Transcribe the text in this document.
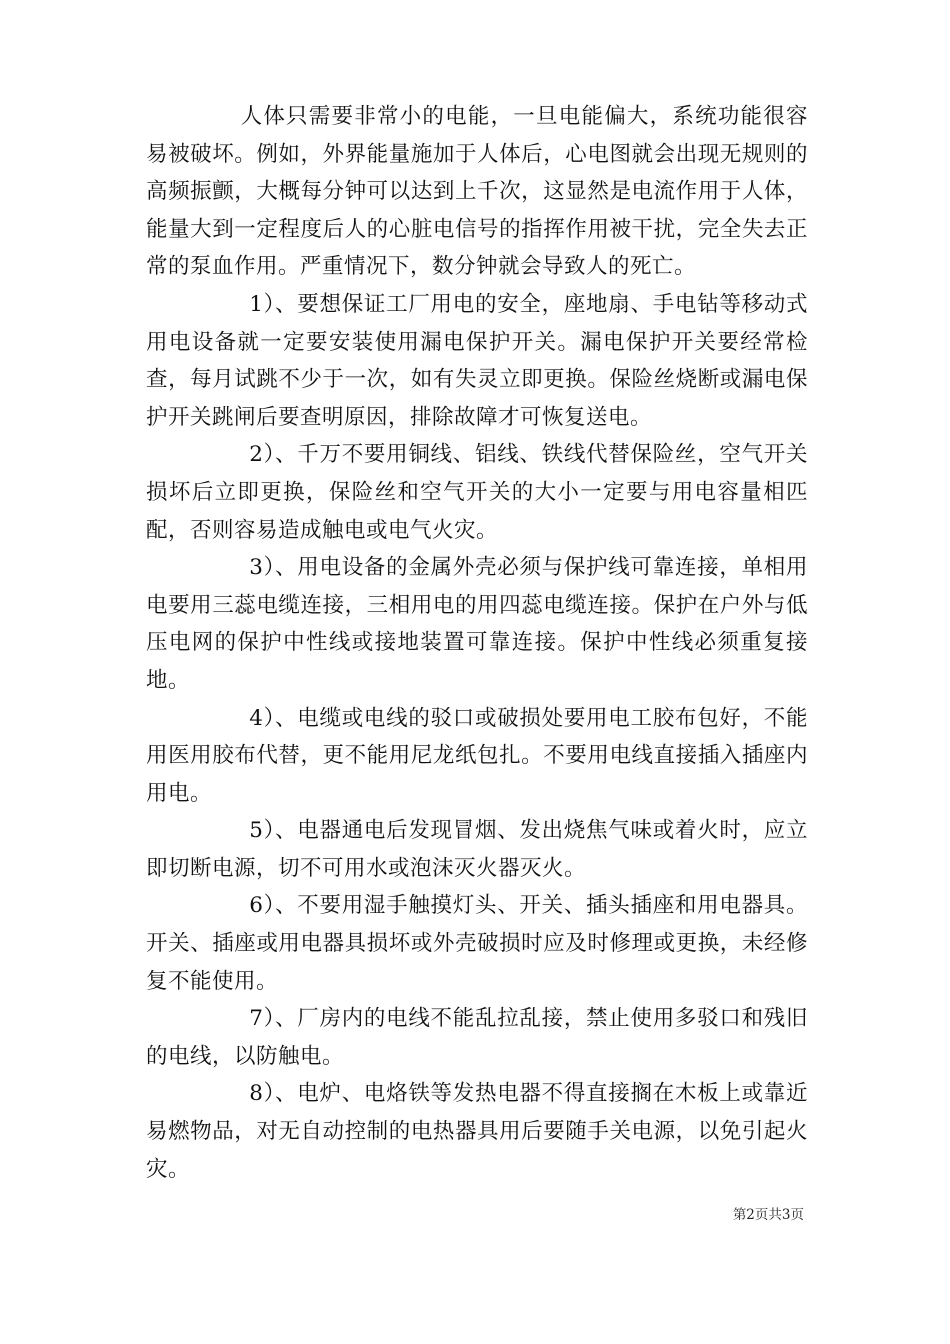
人体只需要非常小的电能，一旦电能偏大，系统功能很容易被破坏。例如，外界能量施加于人体后，心电图就会出现无规则的高频振颤，大概每分钟可以达到上千次，这显然是电流作用于人体，能量大到一定程度后人的心脏电信号的指挥作用被干扰，完全失去正常的泵血作用。严重情况下，数分钟就会导致人的死亡。

1）、要想保证工厂用电的安全，座地扇、手电钻等移动式用电设备就一定要安装使用漏电保护开关。漏电保护开关要经常检查，每月试跳不少于一次，如有失灵立即更换。保险丝烧断或漏电保护开关跳闸后要查明原因，排除故障才可恢复送电。

2）、千万不要用铜线、铝线、铁线代替保险丝，空气开关损坏后立即更换，保险丝和空气开关的大小一定要与用电容量相匹配，否则容易造成触电或电气火灾。

3）、用电设备的金属外壳必须与保护线可靠连接，单相用电要用三蕊电缆连接，三相用电的用四蕊电缆连接。保护在户外与低压电网的保护中性线或接地装置可靠连接。保护中性线必须重复接地。

4）、电缆或电线的驳口或破损处要用电工胶布包好，不能用医用胶布代替，更不能用尼龙纸包扎。不要用电线直接插入插座内用电。

5）、电器通电后发现冒烟、发出烧焦气味或着火时，应立即切断电源，切不可用水或泡沫灭火器灭火。

6）、不要用湿手触摸灯头、开关、插头插座和用电器具。开关、插座或用电器具损坏或外壳破损时应及时修理或更换，未经修复不能使用。

7）、厂房内的电线不能乱拉乱接，禁止使用多驳口和残旧的电线，以防触电。

8）、电炉、电烙铁等发热电器不得直接搁在木板上或靠近易燃物品，对无自动控制的电热器具用后要随手关电源，以免引起火灾。

第2页共3页
